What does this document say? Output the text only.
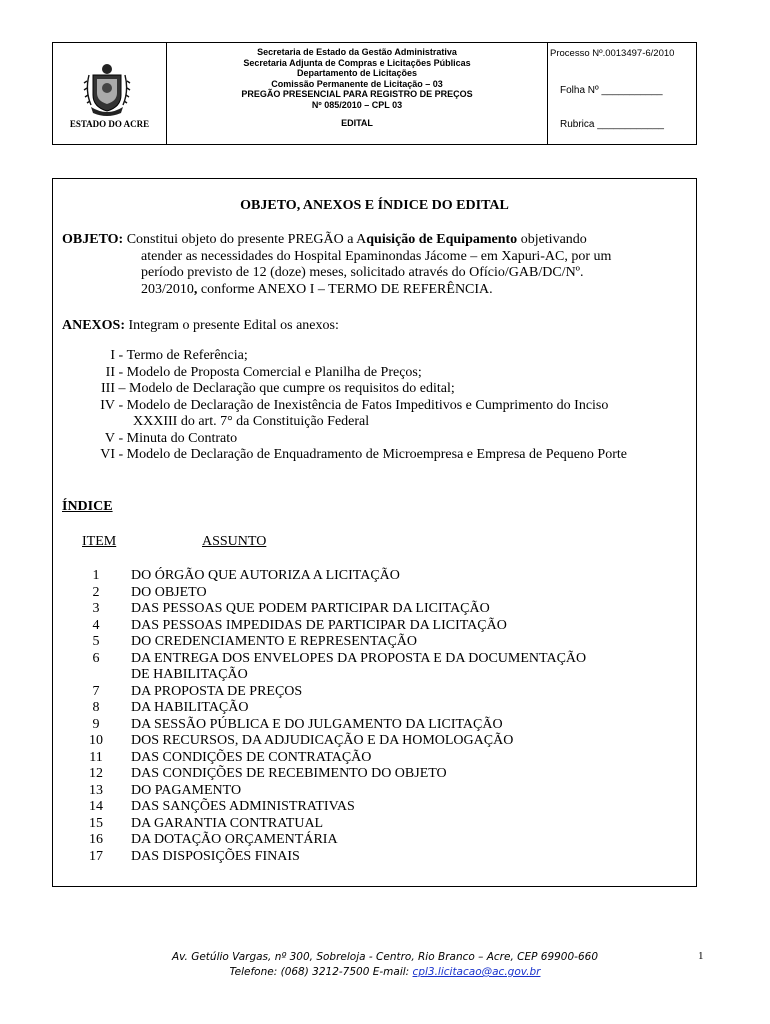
ESTADO DO ACRE
Secretaria de Estado da Gestão Administrativa
Secretaria Adjunta de Compras e Licitações Públicas
Departamento de Licitações
Comissão Permanente de Licitação – 03
PREGÃO PRESENCIAL PARA REGISTRO DE PREÇOS
Nº 085/2010 – CPL 03
EDITAL
Processo Nº.0013497-6/2010
Folha Nº ___________
Rubrica ____________
OBJETO, ANEXOS E ÍNDICE DO EDITAL
OBJETO: Constitui objeto do presente PREGÃO a Aquisição de Equipamento objetivando
atender as necessidades do Hospital Epaminondas Jácome – em Xapuri-AC, por um
período previsto de 12 (doze) meses, solicitado através do Ofício/GAB/DC/Nº.
203/2010, conforme ANEXO I – TERMO DE REFERÊNCIA.
ANEXOS: Integram o presente Edital os anexos:
I - Termo de Referência;
II - Modelo de Proposta Comercial e Planilha de Preços;
III – Modelo de Declaração que cumpre os requisitos do edital;
IV - Modelo de Declaração de Inexistência de Fatos Impeditivos e Cumprimento do Inciso
XXXIII do art. 7° da Constituição Federal
V - Minuta do Contrato
VI - Modelo de Declaração de Enquadramento de Microempresa e Empresa de Pequeno Porte
ÍNDICE
ITEM	ASSUNTO
1	DO ÓRGÃO QUE AUTORIZA A LICITAÇÃO
2	DO OBJETO
3	DAS PESSOAS QUE PODEM PARTICIPAR DA LICITAÇÃO
4	DAS PESSOAS IMPEDIDAS DE PARTICIPAR DA LICITAÇÃO
5	DO CREDENCIAMENTO E REPRESENTAÇÃO
6	DA ENTREGA DOS ENVELOPES DA PROPOSTA E DA DOCUMENTAÇÃO
DE HABILITAÇÃO
7	DA PROPOSTA DE PREÇOS
8	DA HABILITAÇÃO
9	DA SESSÃO PÚBLICA E DO JULGAMENTO DA LICITAÇÃO
10	DOS RECURSOS, DA ADJUDICAÇÃO E DA HOMOLOGAÇÃO
11	DAS CONDIÇÕES DE CONTRATAÇÃO
12	DAS CONDIÇÕES DE RECEBIMENTO DO OBJETO
13	DO PAGAMENTO
14	DAS SANÇÕES ADMINISTRATIVAS
15	DA GARANTIA CONTRATUAL
16	DA DOTAÇÃO ORÇAMENTÁRIA
17	DAS DISPOSIÇÕES FINAIS
Av. Getúlio Vargas, nº 300, Sobreloja - Centro, Rio Branco – Acre, CEP 69900-660
Telefone: (068) 3212-7500 E-mail: cpl3.licitacao@ac.gov.br
1
